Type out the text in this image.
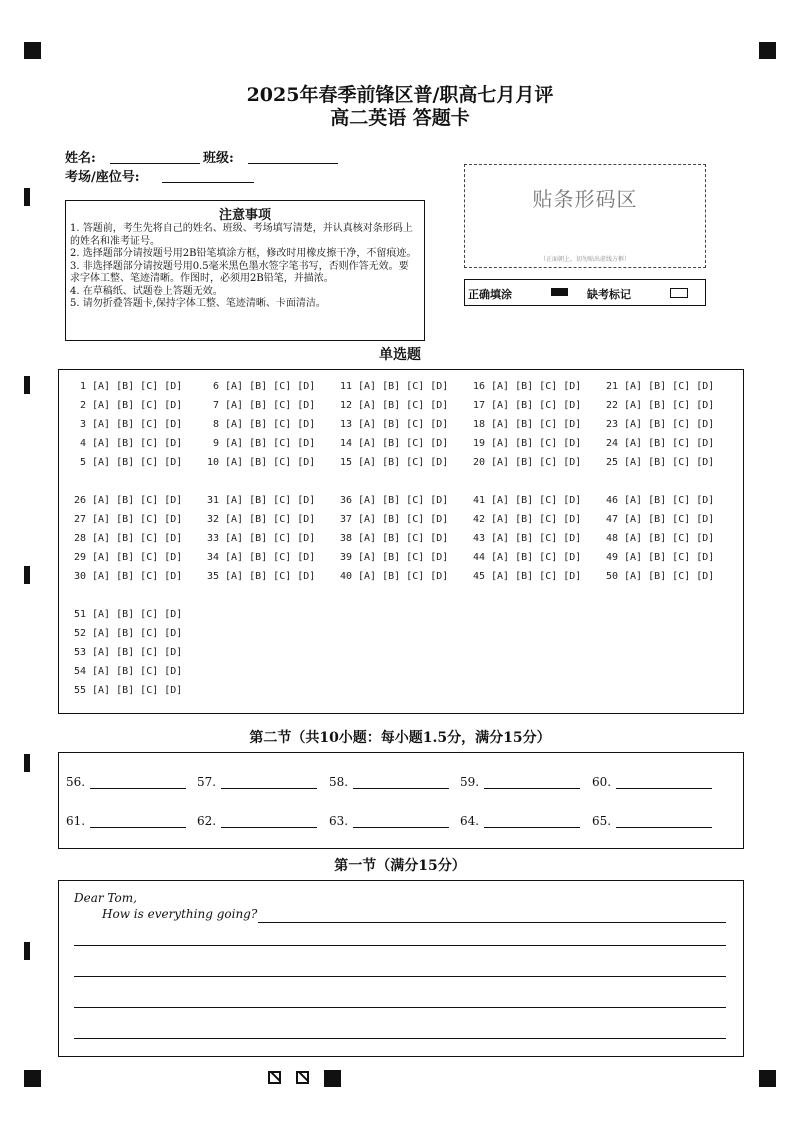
2025年春季前锋区普/职高七月月评
高二英语 答题卡
姓名:	班级:
考场/座位号:
注意事项
1. 答题前，考生先将自己的姓名、班级、考场填写清楚，并认真核对条形码上的姓名和准考证号。
2. 选择题部分请按题号用2B铅笔填涂方框，修改时用橡皮擦干净，不留痕迹。
3. 非选择题部分请按题号用0.5毫米黑色墨水签字笔书写，否则作答无效。要求字体工整、笔迹清晰。作图时，必须用2B铅笔，并描浓。
4. 在草稿纸、试题卷上答题无效。
5. 请勿折叠答题卡,保持字体工整、笔迹清晰、卡面清洁。
贴条形码区
（正面朝上，切勿贴出虚线方框）
正确填涂	缺考标记
单选题
1 [A] [B] [C] [D]
2 [A] [B] [C] [D]
3 [A] [B] [C] [D]
4 [A] [B] [C] [D]
5 [A] [B] [C] [D]
6 [A] [B] [C] [D]
7 [A] [B] [C] [D]
8 [A] [B] [C] [D]
9 [A] [B] [C] [D]
10 [A] [B] [C] [D]
11 [A] [B] [C] [D]
12 [A] [B] [C] [D]
13 [A] [B] [C] [D]
14 [A] [B] [C] [D]
15 [A] [B] [C] [D]
16 [A] [B] [C] [D]
17 [A] [B] [C] [D]
18 [A] [B] [C] [D]
19 [A] [B] [C] [D]
20 [A] [B] [C] [D]
21 [A] [B] [C] [D]
22 [A] [B] [C] [D]
23 [A] [B] [C] [D]
24 [A] [B] [C] [D]
25 [A] [B] [C] [D]
26 [A] [B] [C] [D]
27 [A] [B] [C] [D]
28 [A] [B] [C] [D]
29 [A] [B] [C] [D]
30 [A] [B] [C] [D]
31 [A] [B] [C] [D]
32 [A] [B] [C] [D]
33 [A] [B] [C] [D]
34 [A] [B] [C] [D]
35 [A] [B] [C] [D]
36 [A] [B] [C] [D]
37 [A] [B] [C] [D]
38 [A] [B] [C] [D]
39 [A] [B] [C] [D]
40 [A] [B] [C] [D]
41 [A] [B] [C] [D]
42 [A] [B] [C] [D]
43 [A] [B] [C] [D]
44 [A] [B] [C] [D]
45 [A] [B] [C] [D]
46 [A] [B] [C] [D]
47 [A] [B] [C] [D]
48 [A] [B] [C] [D]
49 [A] [B] [C] [D]
50 [A] [B] [C] [D]
51 [A] [B] [C] [D]
52 [A] [B] [C] [D]
53 [A] [B] [C] [D]
54 [A] [B] [C] [D]
55 [A] [B] [C] [D]
第二节（共10小题：每小题1.5分，满分15分）
56.	57.	58.	59.	60.
61.	62.	63.	64.	65.
第一节（满分15分）
Dear Tom,
How is everything going?
